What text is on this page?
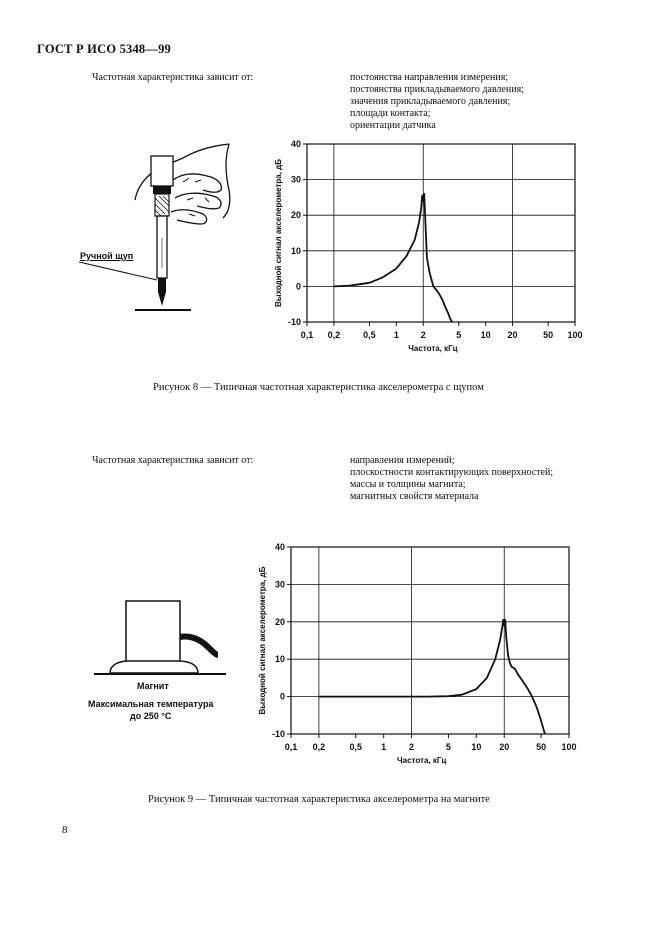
ГОСТ Р ИСО 5348—99
Частотная характеристика зависит от:	постоянства направления измерения;
постоянства прикладываемого давления;
значения прикладываемого давления;
площади контакта;
ориентации датчика
Ручной щуп
0,1 0,2	0,5 1 2	5 10 20	50 100
40
30
20
10
0
-10
Частота, кГц
Выходной сигнал акселерометра, дБ
Рисунок 8 — Типичная частотная характеристика акселерометра с щупом
Частотная характеристика зависит от:	направления измерений;
плоскостности контактирующих поверхностей;
массы и толщины магнита;
магнитных свойств материала
Магнит
Максимальная температура
до 250 °С
0,1 0,2	0,5 1	2	5 10 20	50 100
40
30
20
10
0
-10
Частота, кГц
Выходной сигнал акселерометра, дБ
Рисунок 9 — Типичная частотная характеристика акселерометра на магните
8
